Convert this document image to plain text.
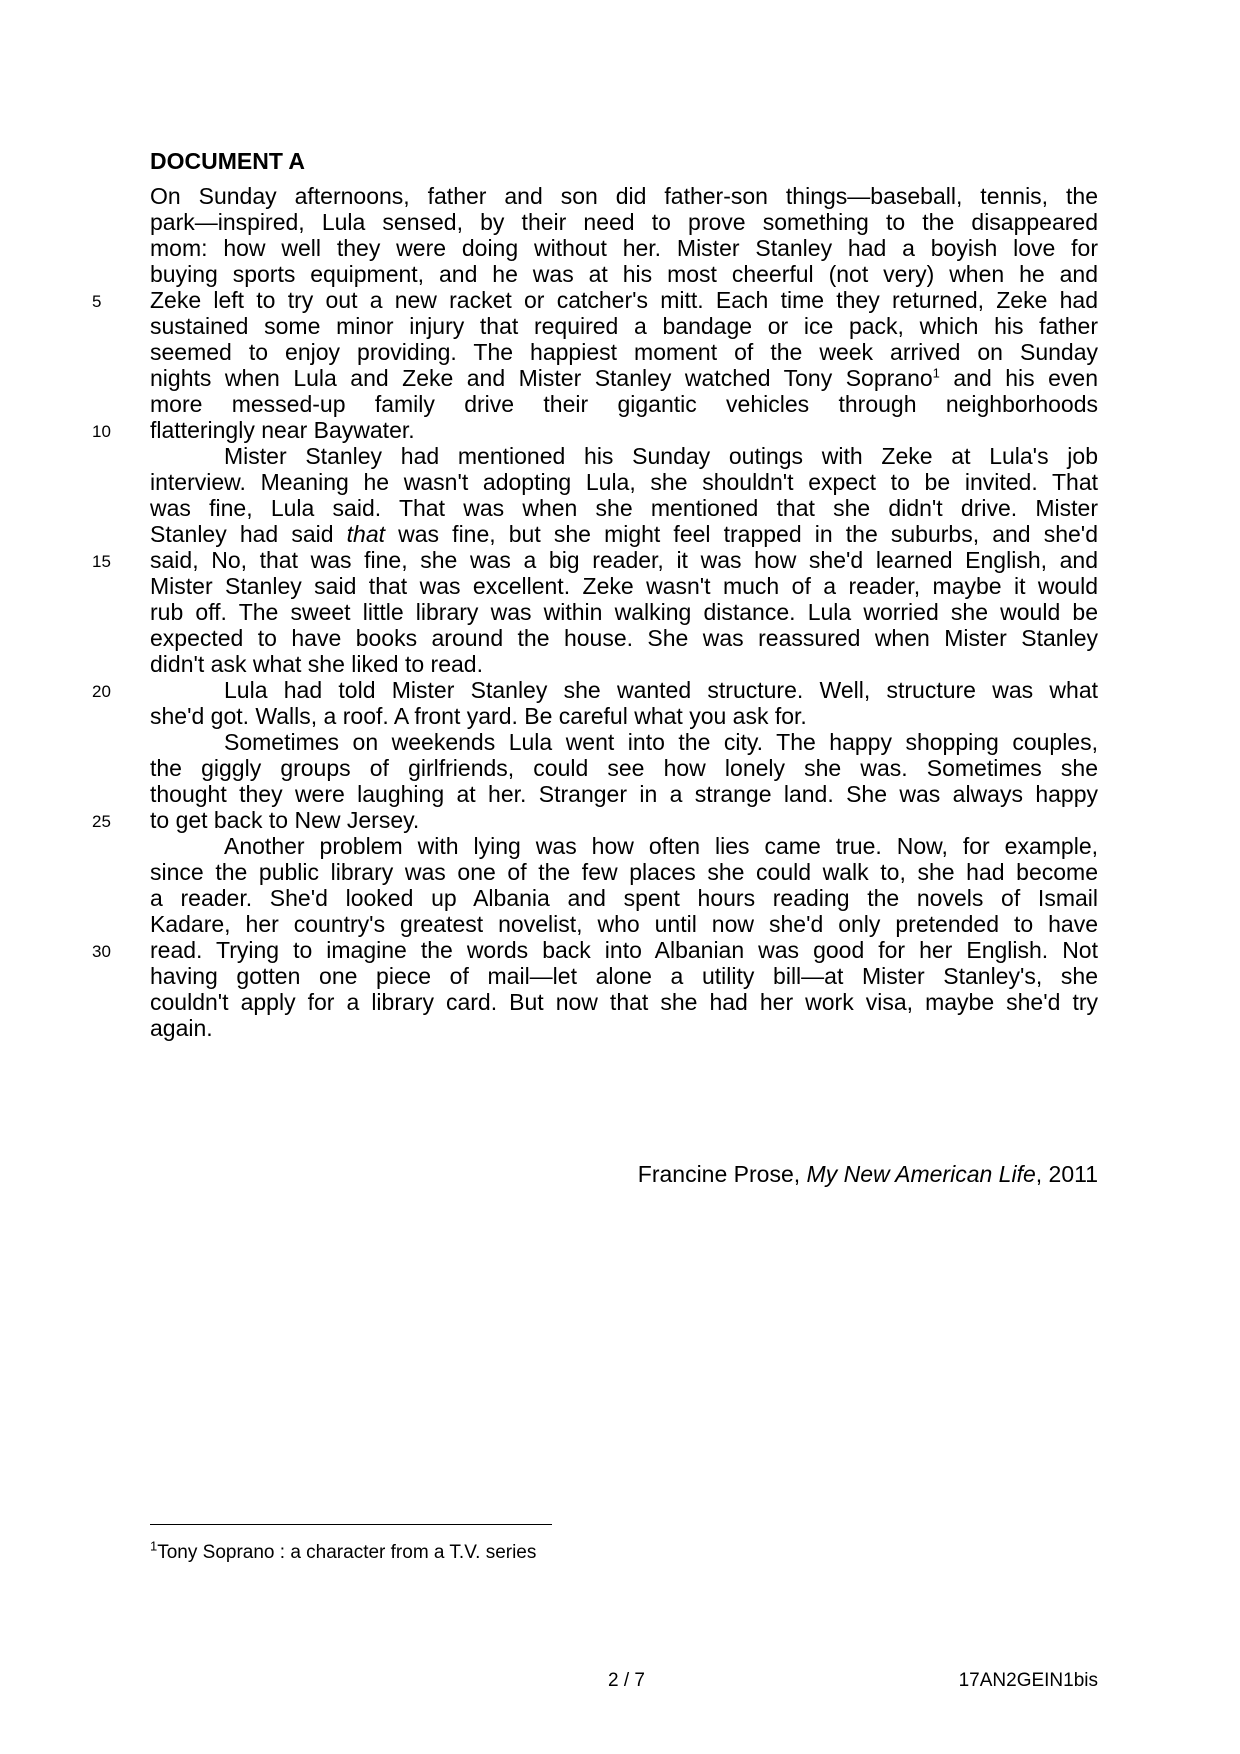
DOCUMENT A
On Sunday afternoons, father and son did father-son things—baseball, tennis, the
park—inspired, Lula sensed, by their need to prove something to the disappeared
mom: how well they were doing without her. Mister Stanley had a boyish love for
buying sports equipment, and he was at his most cheerful (not very) when he and
Zeke left to try out a new racket or catcher's mitt. Each time they returned, Zeke had
sustained some minor injury that required a bandage or ice pack, which his father
seemed to enjoy providing. The happiest moment of the week arrived on Sunday
nights when Lula and Zeke and Mister Stanley watched Tony Soprano$^1$ and his even
more messed-up family drive their gigantic vehicles through neighborhoods
flatteringly near Baywater.
Mister Stanley had mentioned his Sunday outings with Zeke at Lula's job
interview. Meaning he wasn't adopting Lula, she shouldn't expect to be invited. That
was fine, Lula said. That was when she mentioned that she didn't drive. Mister
Stanley had said that was fine, but she might feel trapped in the suburbs, and she'd
said, No, that was fine, she was a big reader, it was how she'd learned English, and
Mister Stanley said that was excellent. Zeke wasn't much of a reader, maybe it would
rub off. The sweet little library was within walking distance. Lula worried she would be
expected to have books around the house. She was reassured when Mister Stanley
didn't ask what she liked to read.
Lula had told Mister Stanley she wanted structure. Well, structure was what
she'd got. Walls, a roof. A front yard. Be careful what you ask for.
Sometimes on weekends Lula went into the city. The happy shopping couples,
the giggly groups of girlfriends, could see how lonely she was. Sometimes she
thought they were laughing at her. Stranger in a strange land. She was always happy
to get back to New Jersey.
Another problem with lying was how often lies came true. Now, for example,
since the public library was one of the few places she could walk to, she had become
a reader. She'd looked up Albania and spent hours reading the novels of Ismail
Kadare, her country's greatest novelist, who until now she'd only pretended to have
read. Trying to imagine the words back into Albanian was good for her English. Not
having gotten one piece of mail—let alone a utility bill—at Mister Stanley's, she
couldn't apply for a library card. But now that she had her work visa, maybe she'd try
again.
5
10
15
20
25
30
Francine Prose, My New American Life, 2011
$^1$Tony Soprano : a character from a T.V. series
2 / 7	17AN2GEIN1bis
